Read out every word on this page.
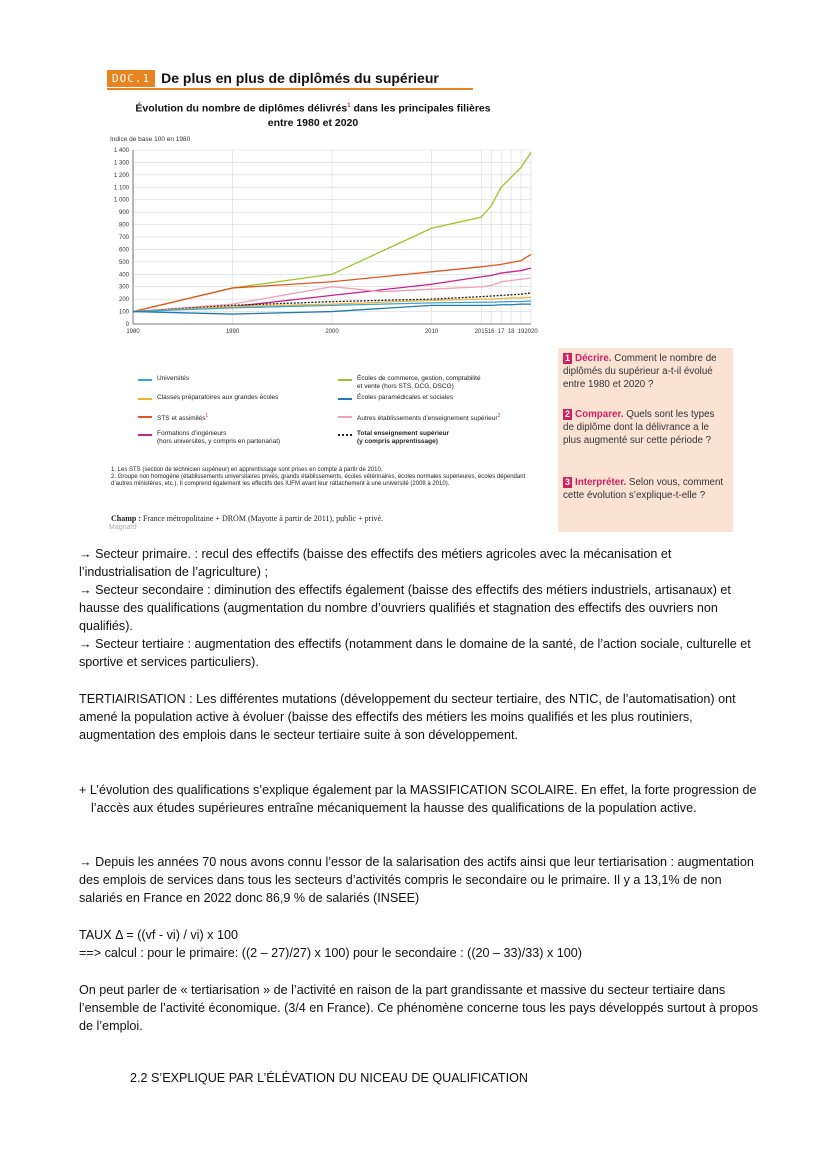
DOC.1 De plus en plus de diplômés du supérieur
Évolution du nombre de diplômes délivrés$^1$ dans les principales filières
entre 1980 et 2020
Indice de base 100 en 1980
0
100
200
300
400
500
600
700
800
900
1 000
1 100
1 200
1 300
1 400
1980	1990	2000	2010	2015 16 17 18 19 2020
Universités
Classes préparatoires aux grandes écoles
STS et assimilés$^1$
Formations d’ingénieurs
(hors universités, y compris en partenariat)
Écoles de commerce, gestion, comptabilité
et vente (hors STS, DCG, DSCG)
Écoles paramédicales et sociales
Autres établissements d’enseignement supérieur$^2$
Total enseignement supérieur
(y compris apprentissage)
1. Les STS (section de technicien supérieur) en apprentissage sont prises en compte à partir de 2010.
2. Groupe non homogène (établissements universitaires privés, grands établissements, écoles vétérinaires, écoles normales supérieures, écoles dépendant d’autres ministères, etc.). Il comprend également les effectifs des IUFM avant leur rattachement à une université (2008 à 2010).
Champ : France métropolitaine + DROM (Mayotte à partir de 2011), public + privé.
Magnard
1 Décrire. Comment le nombre de diplômés du supérieur a-t-il évolué entre 1980 et 2020 ?
2 Comparer. Quels sont les types de diplôme dont la délivrance a le plus augmenté sur cette période ?
3 Interpréter. Selon vous, comment cette évolution s’explique-t-elle ?

→ Secteur primaire. : recul des effectifs (baisse des effectifs des métiers agricoles avec la mécanisation et l’industrialisation de l’agriculture) ;

→ Secteur secondaire : diminution des effectifs également (baisse des effectifs des métiers industriels, artisanaux) et hausse des qualifications (augmentation du nombre d’ouvriers qualifiés et stagnation des effectifs des ouvriers non qualifiés).

→ Secteur tertiaire : augmentation des effectifs (notamment dans le domaine de la santé, de l’action sociale, culturelle et sportive et services particuliers).

TERTIAIRISATION : Les différentes mutations (développement du secteur tertiaire, des NTIC, de l’automatisation) ont amené la population active à évoluer (baisse des effectifs des métiers les moins qualifiés et les plus routiniers, augmentation des emplois dans le secteur tertiaire suite à son développement.
+ L’évolution des qualifications s’explique également par la MASSIFICATION SCOLAIRE. En effet, la forte progression de l’accès aux études supérieures entraîne mécaniquement la hausse des qualifications de la population active.
→ Depuis les années 70 nous avons connu l’essor de la salarisation des actifs ainsi que leur tertiarisation : augmentation des emplois de services dans tous les secteurs d’activités compris le secondaire ou le primaire. Il y a 13,1% de non salariés en France en 2022 donc 86,9 % de salariés (INSEE)

TAUX Δ = ((vf - vi) / vi) x 100

==> calcul : pour le primaire: ((2 – 27)/27) x 100) pour le secondaire : ((20 – 33)/33) x 100)

On peut parler de « tertiarisation » de l’activité en raison de la part grandissante et massive du secteur tertiaire dans l’ensemble de l’activité économique. (3/4 en France). Ce phénomène concerne tous les pays développés surtout à propos de l’emploi.
2.2 S’EXPLIQUE PAR L’ÉLÉVATION DU NICEAU DE QUALIFICATION
